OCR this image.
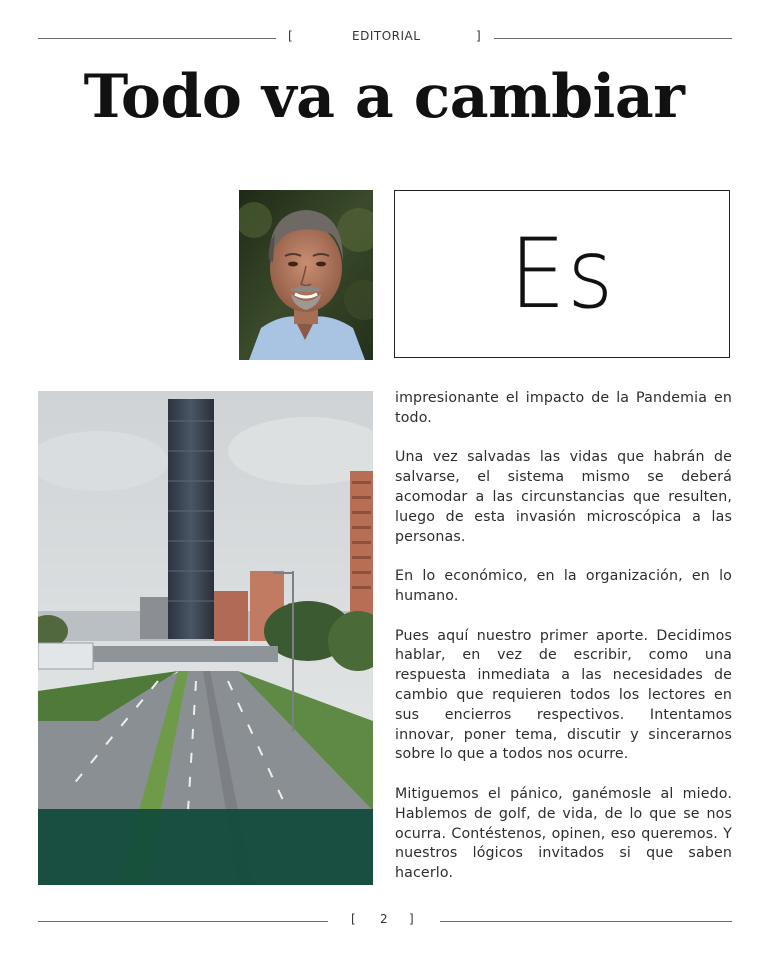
[	EDITORIAL	]
Todo va a cambiar
Es

impresionante el impacto de la Pandemia en todo.

Una vez salvadas las vidas que habrán de salvarse, el sistema mismo se deberá acomodar a las circunstancias que resulten, luego de esta invasión microscópica a las personas.

En lo económico, en la organización, en lo humano.

Pues aquí nuestro primer aporte. Decidimos hablar, en vez de escribir, como una respuesta inmediata a las necesidades de cambio que requieren todos los lectores en sus encierros respectivos. Intentamos innovar, poner tema, discutir y sincerarnos sobre lo que a todos nos ocurre.

Mitiguemos el pánico, ganémosle al miedo. Hablemos de golf, de vida, de lo que se nos ocurra. Contéstenos, opinen, eso queremos. Y nuestros lógicos invitados si que saben hacerlo.

[ 2 ]
